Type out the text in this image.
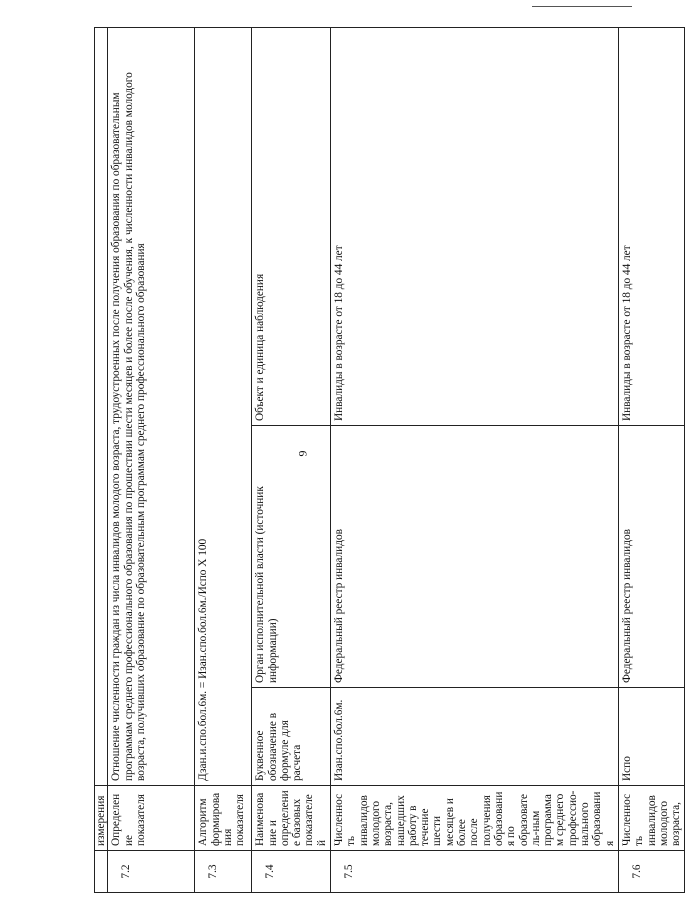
9
	измерения			
7.2	Определение показателя	Отношение численности граждан из числа инвалидов молодого возраста, трудоустроенных после получения образования по образовательным программам среднего профессионального образования по прошествии шести месяцев и более после обучения, к численности инвалидов молодого возраста, получивших образование по образовательным программам среднего профессионального образования		
7.3	Алгоритм формирования показателя	Дзан.и.спо.бол.6м. = Изан.спо.бол.6м./Испо Х 100		
7.4	Наименование и определение базовых показателей	Буквенное обозначение в формуле для расчета	Орган исполнительной власти (источник информации)	Объект и единица наблюдения
7.5	Численность инвалидов молодого возраста, нашедших работу в течение шести месяцев и более после получения образования по образователь-ным программам среднего профессио-нального образования	Изан.спо.бол.6м.	Федеральный реестр инвалидов	Инвалиды в возрасте от 18 до 44 лет
7.6	Численность инвалидов молодого возраста,	Испо	Федеральный реестр инвалидов	Инвалиды в возрасте от 18 до 44 лет
